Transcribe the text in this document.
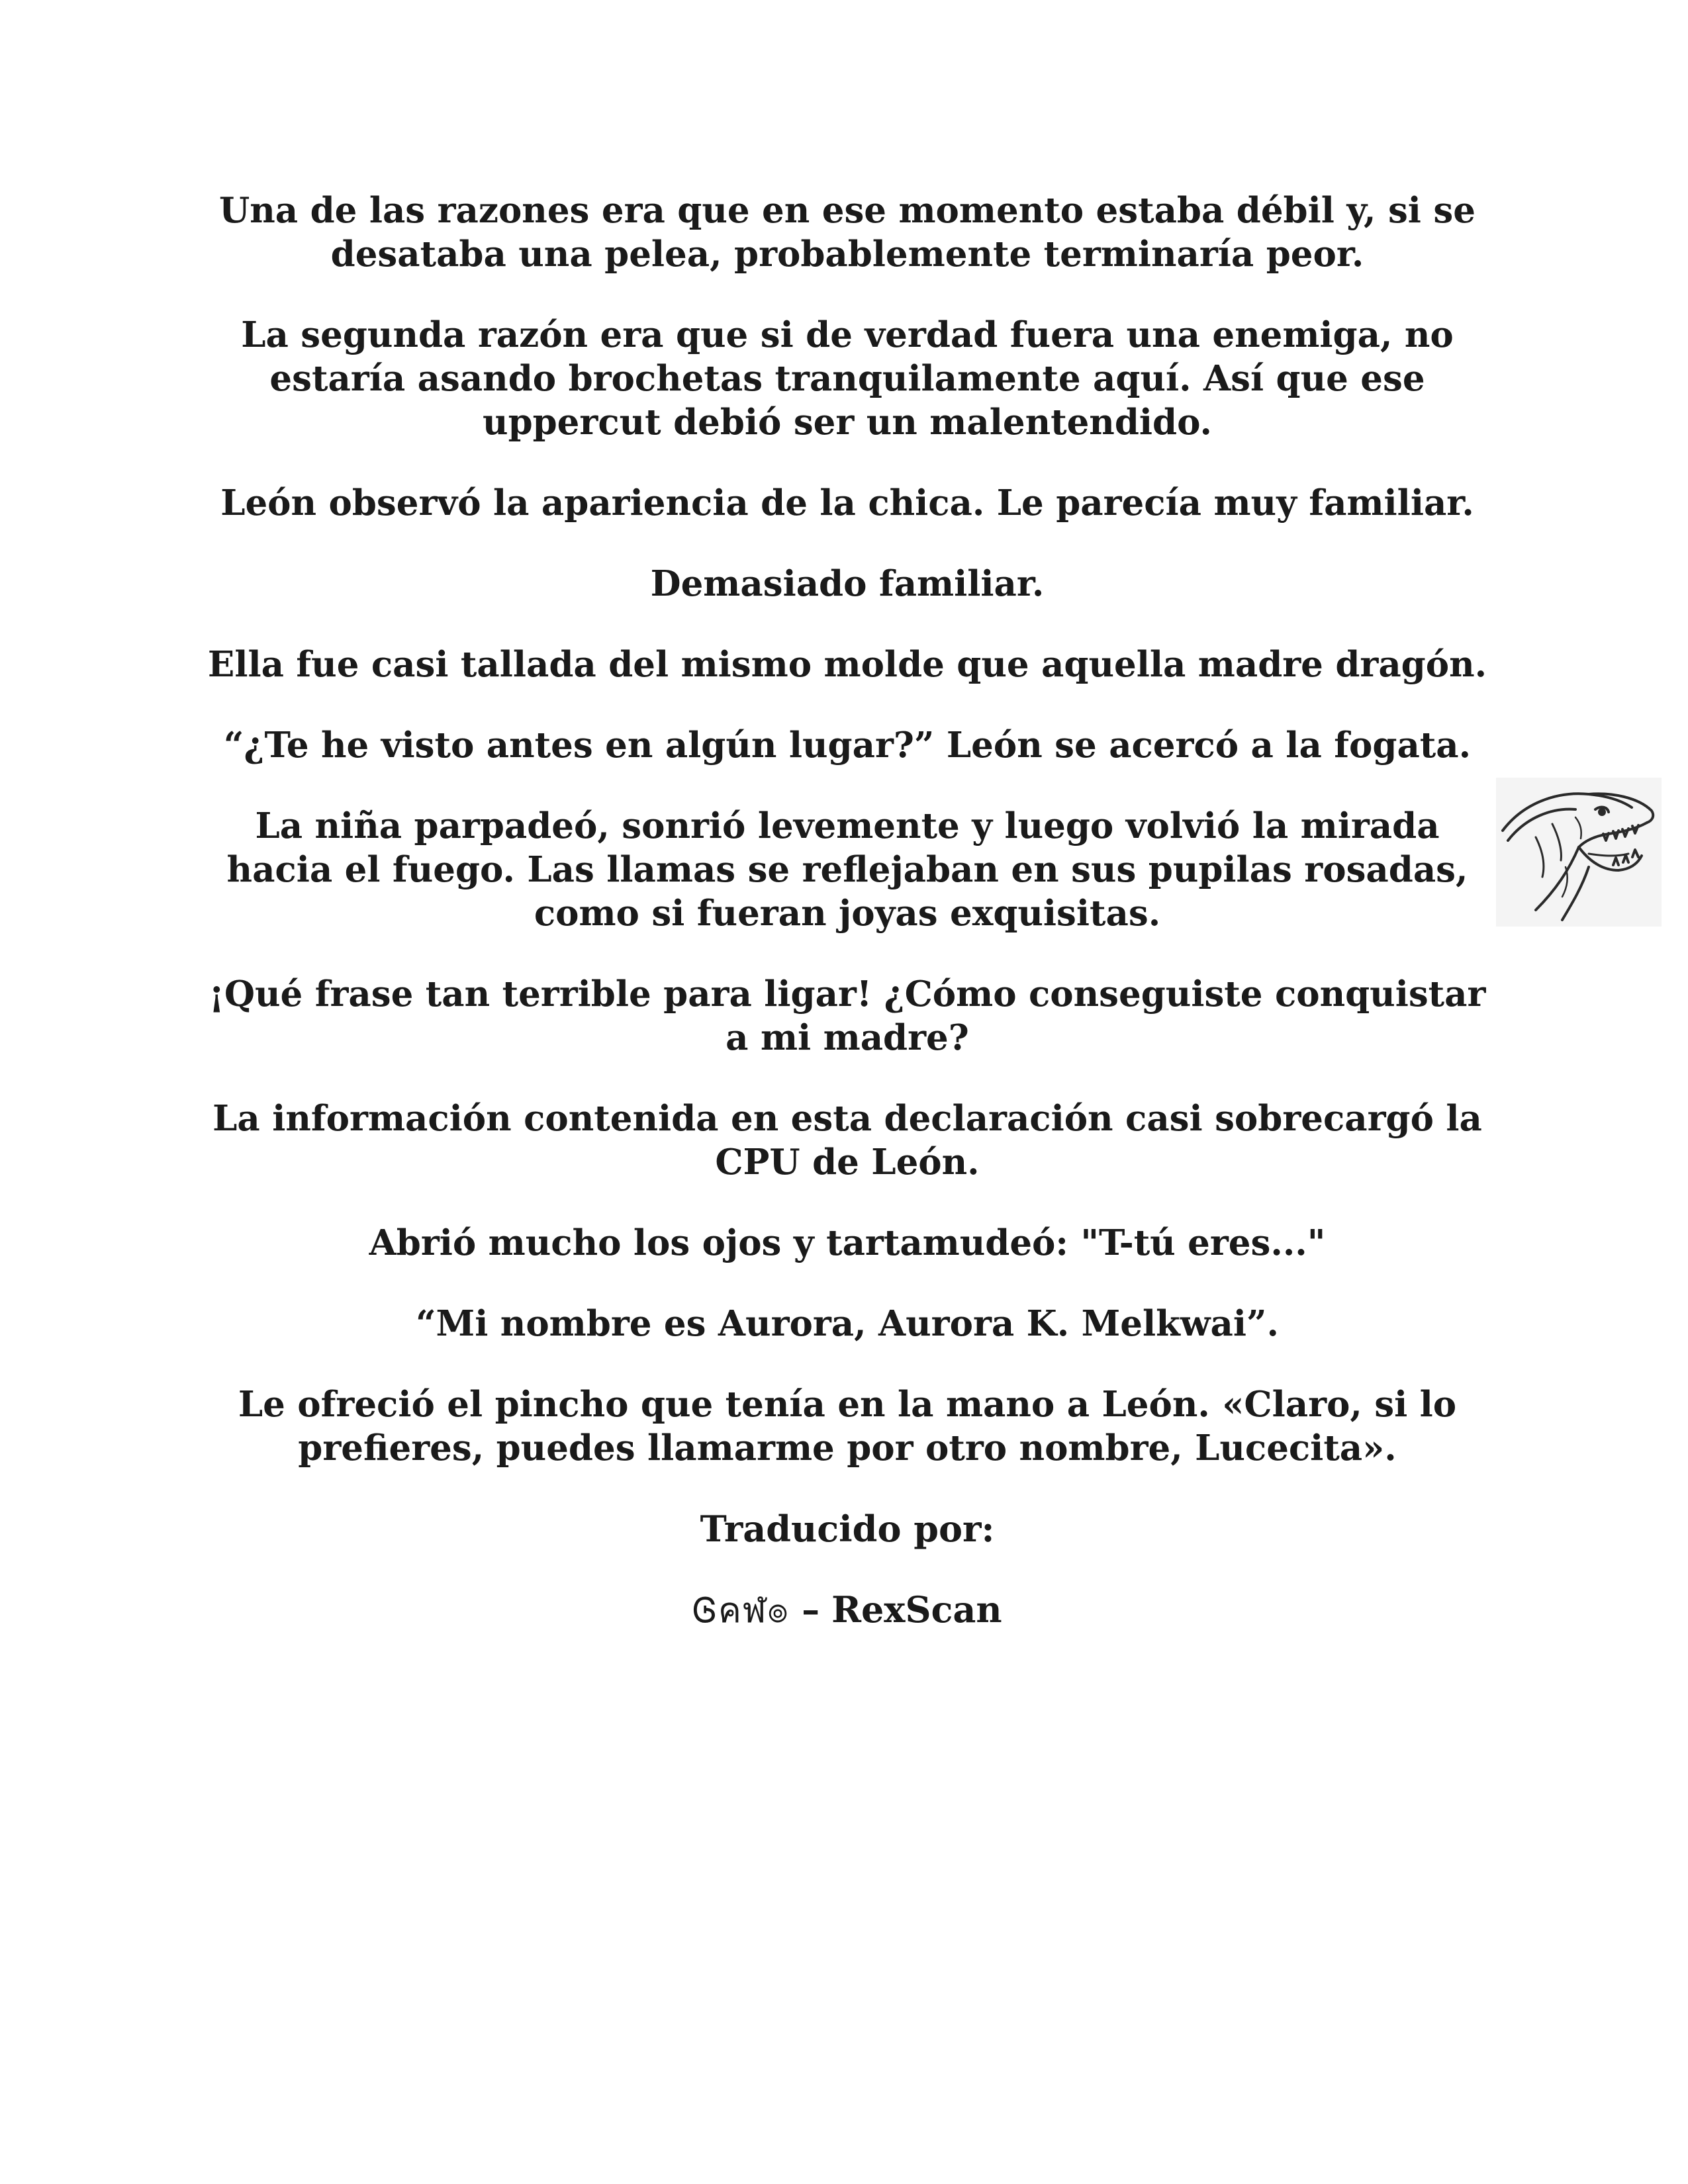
Una de las razones era que en ese momento estaba débil y, si se desataba una pelea, probablemente terminaría peor.

La segunda razón era que si de verdad fuera una enemiga, no estaría asando brochetas tranquilamente aquí. Así que ese uppercut debió ser un malentendido.

León observó la apariencia de la chica. Le parecía muy familiar.

Demasiado familiar.

Ella fue casi tallada del mismo molde que aquella madre dragón.

“¿Te he visto antes en algún lugar?” León se acercó a la fogata.

La niña parpadeó, sonrió levemente y luego volvió la mirada hacia el fuego. Las llamas se reflejaban en sus pupilas rosadas, como si fueran joyas exquisitas.

¡Qué frase tan terrible para ligar! ¿Cómo conseguiste conquistar a mi madre?

La información contenida en esta declaración casi sobrecargó la CPU de León.

Abrió mucho los ojos y tartamudeó: "T-tú eres..."

“Mi nombre es Aurora, Aurora K. Melkwai”.

Le ofreció el pincho que tenía en la mano a León. «Claro, si lo prefieres, puedes llamarme por otro nombre, Lucecita».

Traducido por:

Ꮆคฬ๏ – RexScan
